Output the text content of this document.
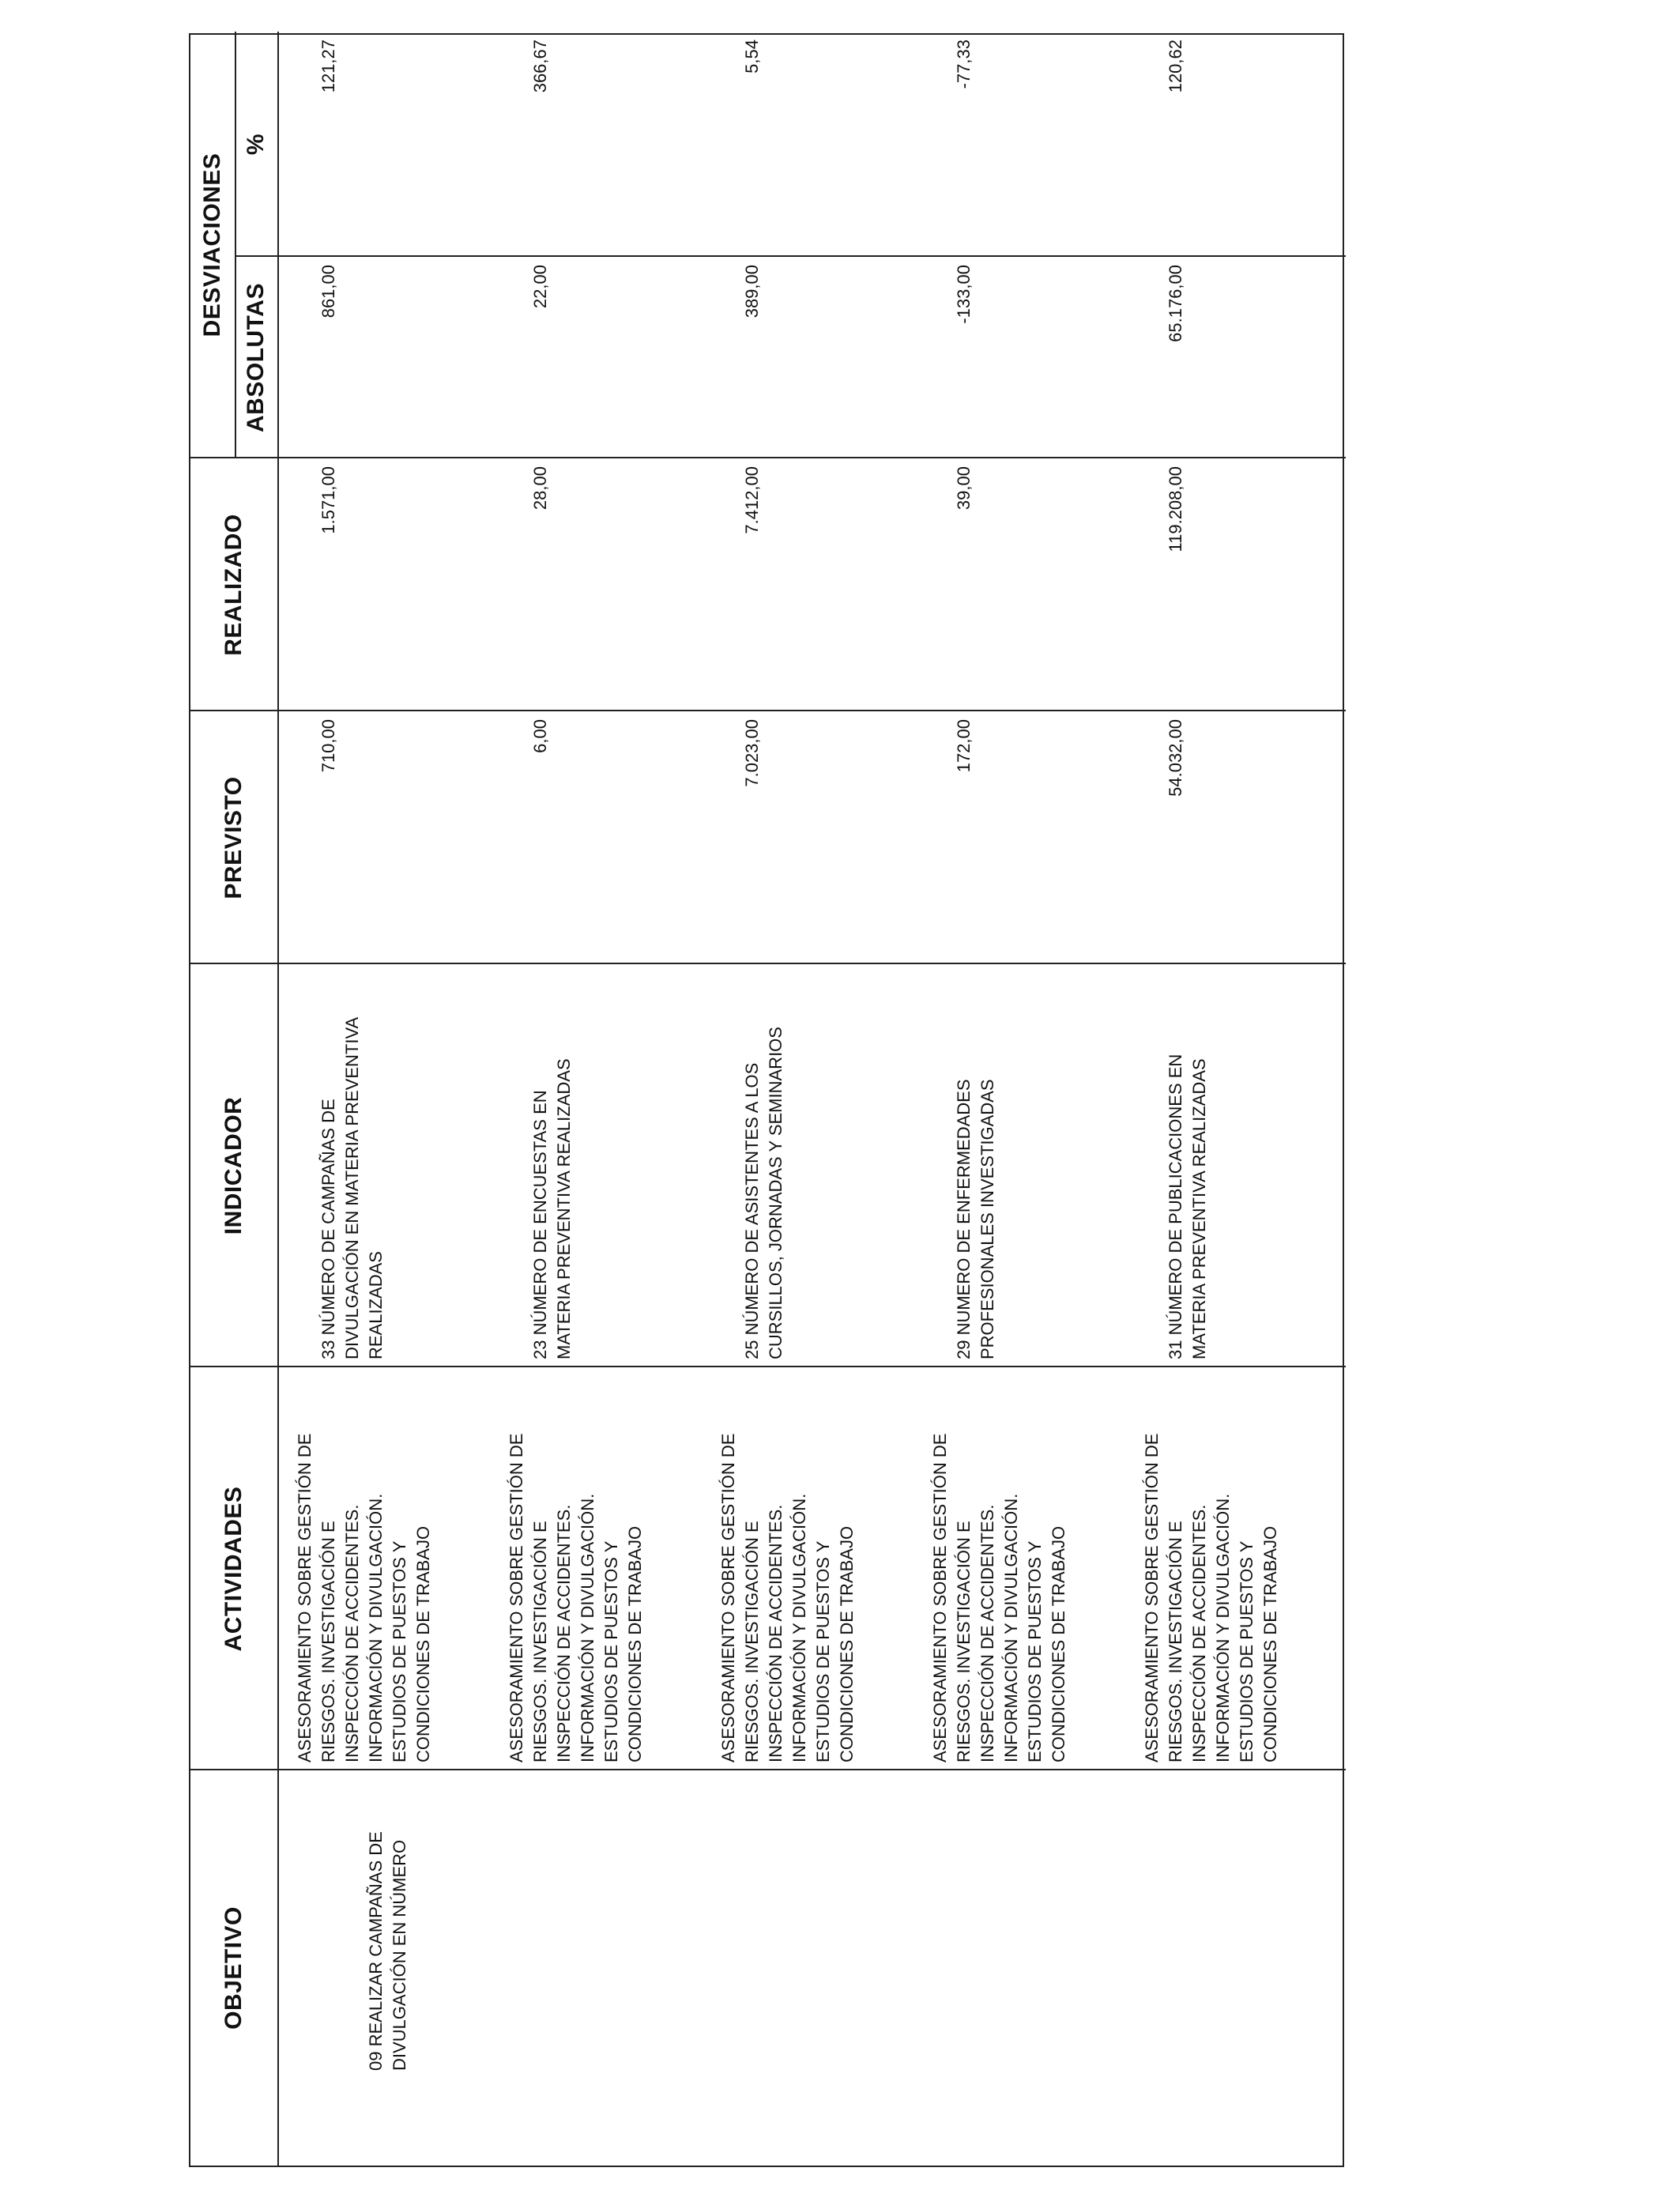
OBJETIVO
ACTIVIDADES
INDICADOR
PREVISTO
REALIZADO
DESVIACIONES
ABSOLUTAS
%
09 REALIZAR CAMPAÑAS DE
DIVULGACIÓN EN NÚMERO
ASESORAMIENTO SOBRE GESTIÓN DE
RIESGOS. INVESTIGACIÓN E
INSPECCIÓN DE ACCIDENTES.
INFORMACIÓN Y DIVULGACIÓN.
ESTUDIOS DE PUESTOS Y
CONDICIONES DE TRABAJO
ASESORAMIENTO SOBRE GESTIÓN DE
RIESGOS. INVESTIGACIÓN E
INSPECCIÓN DE ACCIDENTES.
INFORMACIÓN Y DIVULGACIÓN.
ESTUDIOS DE PUESTOS Y
CONDICIONES DE TRABAJO
ASESORAMIENTO SOBRE GESTIÓN DE
RIESGOS. INVESTIGACIÓN E
INSPECCIÓN DE ACCIDENTES.
INFORMACIÓN Y DIVULGACIÓN.
ESTUDIOS DE PUESTOS Y
CONDICIONES DE TRABAJO
ASESORAMIENTO SOBRE GESTIÓN DE
RIESGOS. INVESTIGACIÓN E
INSPECCIÓN DE ACCIDENTES.
INFORMACIÓN Y DIVULGACIÓN.
ESTUDIOS DE PUESTOS Y
CONDICIONES DE TRABAJO
ASESORAMIENTO SOBRE GESTIÓN DE
RIESGOS. INVESTIGACIÓN E
INSPECCIÓN DE ACCIDENTES.
INFORMACIÓN Y DIVULGACIÓN.
ESTUDIOS DE PUESTOS Y
CONDICIONES DE TRABAJO
33 NÚMERO DE CAMPAÑAS DE
DIVULGACIÓN EN MATERIA PREVENTIVA
REALIZADAS
710,00
1.571,00
861,00
121,27
23 NÚMERO DE ENCUESTAS EN
MATERIA PREVENTIVA REALIZADAS
6,00
28,00
22,00
366,67
25 NÚMERO DE ASISTENTES A LOS
CURSILLOS, JORNADAS Y SEMINARIOS
7.023,00
7.412,00
389,00
5,54
29 NUMERO DE ENFERMEDADES
PROFESIONALES INVESTIGADAS
172,00
39,00
-133,00
-77,33
31 NÚMERO DE PUBLICACIONES EN
MATERIA PREVENTIVA REALIZADAS
54.032,00
119.208,00
65.176,00
120,62
